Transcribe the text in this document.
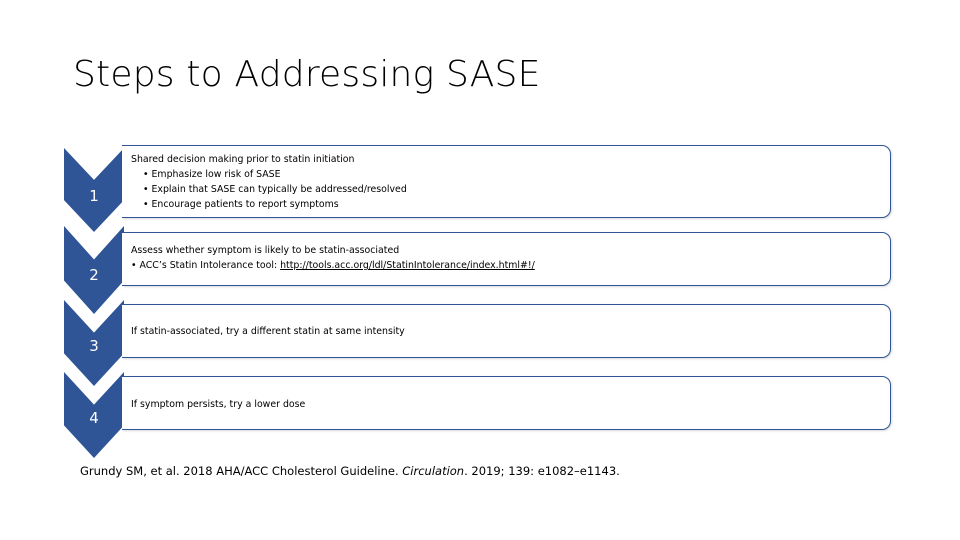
Steps to Addressing SASE
1
Shared decision making prior to statin initiation
• Emphasize low risk of SASE
• Explain that SASE can typically be addressed/resolved
• Encourage patients to report symptoms
2
Assess whether symptom is likely to be statin-associated
• ACC’s Statin Intolerance tool: http://tools.acc.org/ldl/StatinIntolerance/index.html#!/
3
If statin-associated, try a different statin at same intensity
4
If symptom persists, try a lower dose
Grundy SM, et al. 2018 AHA/ACC Cholesterol Guideline. Circulation. 2019; 139: e1082–e1143.
